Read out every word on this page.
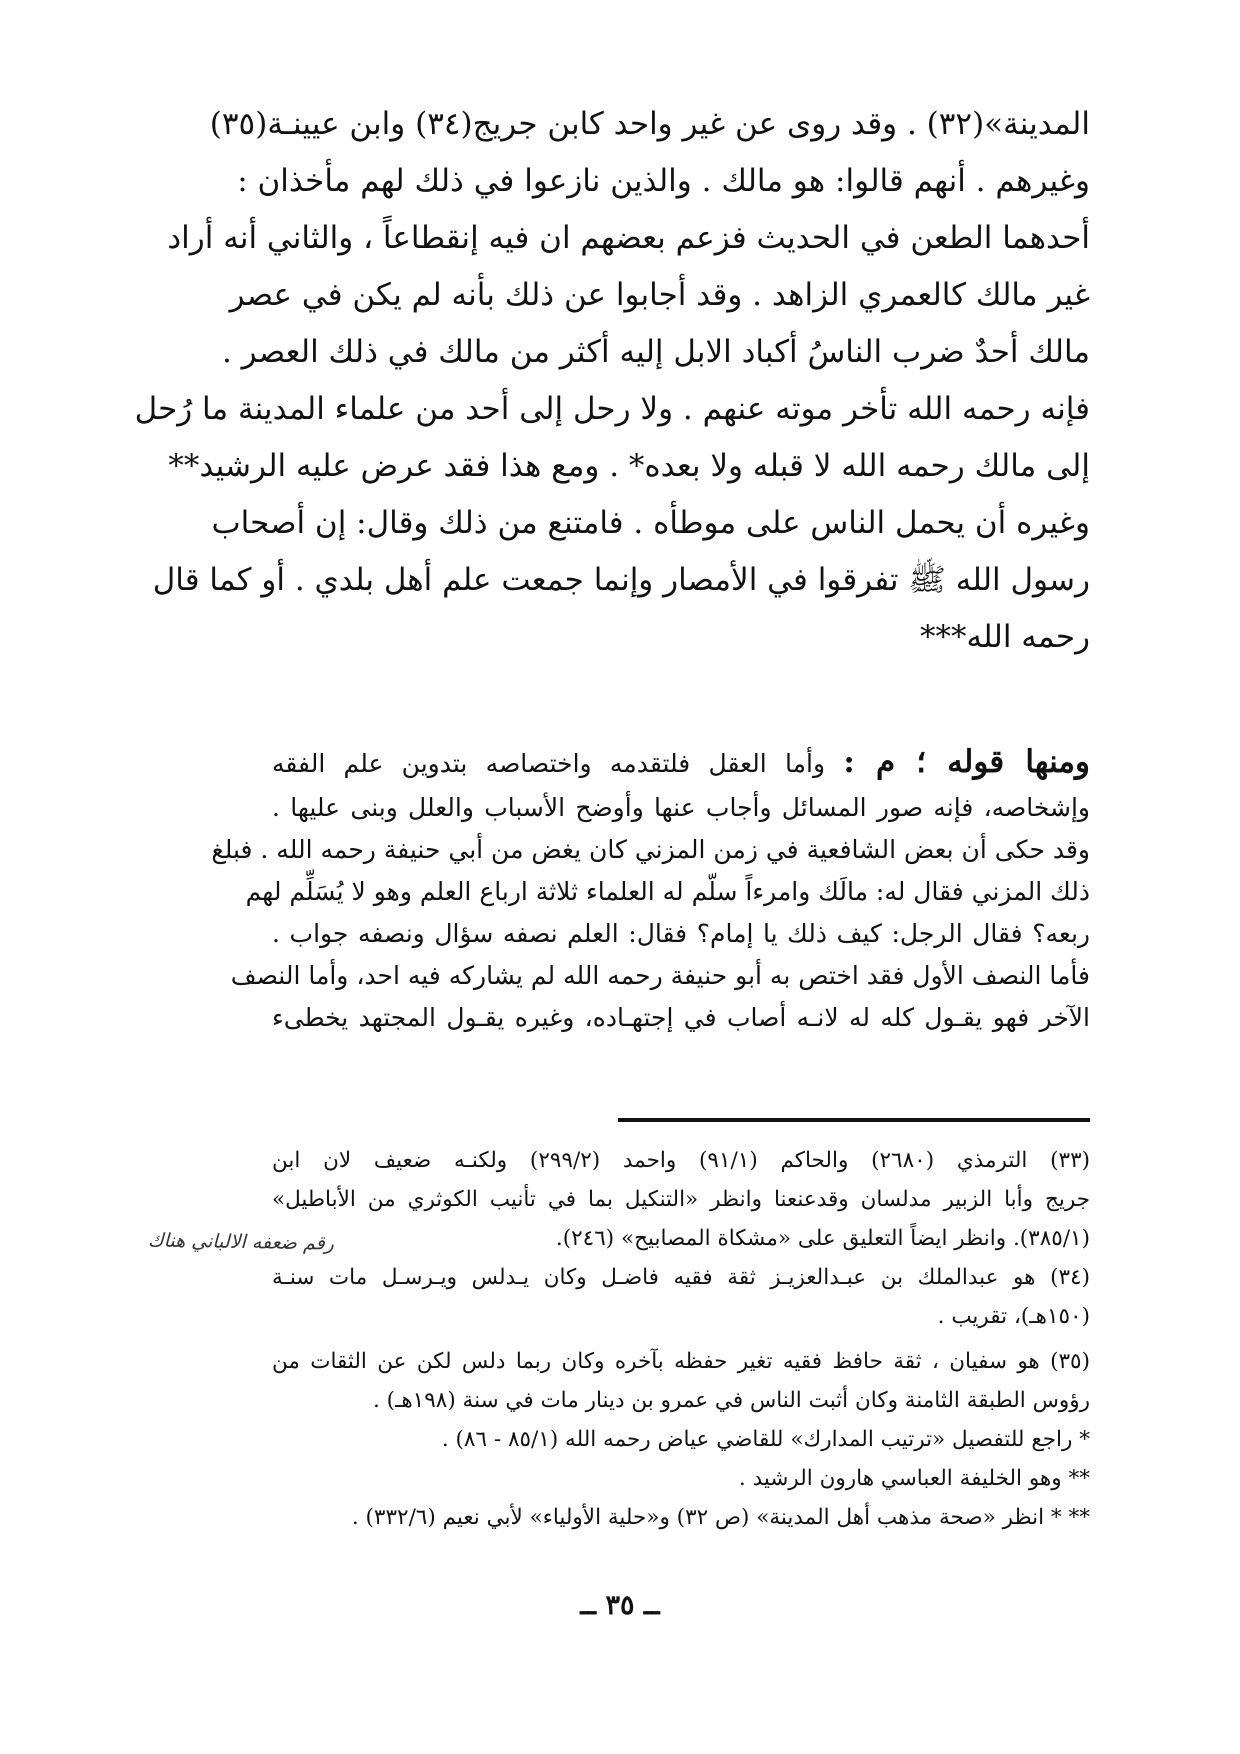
المدينة»(٣٢) . وقد روى عن غير واحد كابن جريج(٣٤) وابن عيينـة(٣٥)
وغيرهم . أنهم قالوا: هو مالك . والذين نازعوا في ذلك لهم مأخذان :
أحدهما الطعن في الحديث فزعم بعضهم ان فيه إنقطاعاً ، والثاني أنه أراد
غير مالك كالعمري الزاهد . وقد أجابوا عن ذلك بأنه لم يكن في عصر
مالك أحدٌ ضرب الناسُ أكباد الابل إليه أكثر من مالك في ذلك العصر .
فإنه رحمه الله تأخر موته عنهم . ولا رحل إلى أحد من علماء المدينة ما رُحل
إلى مالك رحمه الله لا قبله ولا بعده* . ومع هذا فقد عرض عليه الرشيد**
وغيره أن يحمل الناس على موطأه . فامتنع من ذلك وقال: إن أصحاب
رسول الله ﷺ تفرقوا في الأمصار وإنما جمعت علم أهل بلدي . أو كما قال
رحمه الله***
ومنها قوله ؛ م : وأما العقل فلتقدمه واختصاصه بتدوين علم الفقه
وإشخاصه، فإنه صور المسائل وأجاب عنها وأوضح الأسباب والعلل وبنى عليها .
وقد حكى أن بعض الشافعية في زمن المزني كان يغض من أبي حنيفة رحمه الله . فبلغ
ذلك المزني فقال له: مالَك وامرءاً سلّم له العلماء ثلاثة ارباع العلم وهو لا يُسَلِّم لهم
ربعه؟ فقال الرجل: كيف ذلك يا إمام؟ فقال: العلم نصفه سؤال ونصفه جواب .
فأما النصف الأول فقد اختص به أبو حنيفة رحمه الله لم يشاركه فيه احد، وأما النصف
الآخر فهو يقـول كله له لانـه أصاب في إجتهـاده، وغيره يقـول المجتهد يخطىء
(٣٣) الترمذي (٢٦٨٠) والحاكم (٩١/١) واحمد (٢٩٩/٢) ولكنـه ضعيف لان ابن
جريج وأبا الزبير مدلسان وقدعنعنا وانظر «التنكيل بما في تأنيب الكوثري من الأباطيل»
(٣٨٥/١). وانظر ايضاً التعليق على «مشكاة المصابيح» (٢٤٦).
(٣٤) هو عبدالملك بن عبـدالعزيـز ثقة فقيه فاضـل وكان يـدلس ويـرسـل مات سنـة
(١٥٠هـ)، تقريب .
(٣٥) هو سفيان ، ثقة حافظ فقيه تغير حفظه بآخره وكان ربما دلس لكن عن الثقات من
رؤوس الطبقة الثامنة وكان أثبت الناس في عمرو بن دينار مات في سنة (١٩٨هـ) .
* راجع للتفصيل «ترتيب المدارك» للقاضي عياض رحمه الله (٨٥/١ - ٨٦) .
** وهو الخليفة العباسي هارون الرشيد .
** * انظر «صحة مذهب أهل المدينة» (ص ٣٢) و«حلية الأولياء» لأبي نعيم (٣٣٢/٦) .
رقم ضعفه الالباني هناك
ــ ٣٥ ــ
